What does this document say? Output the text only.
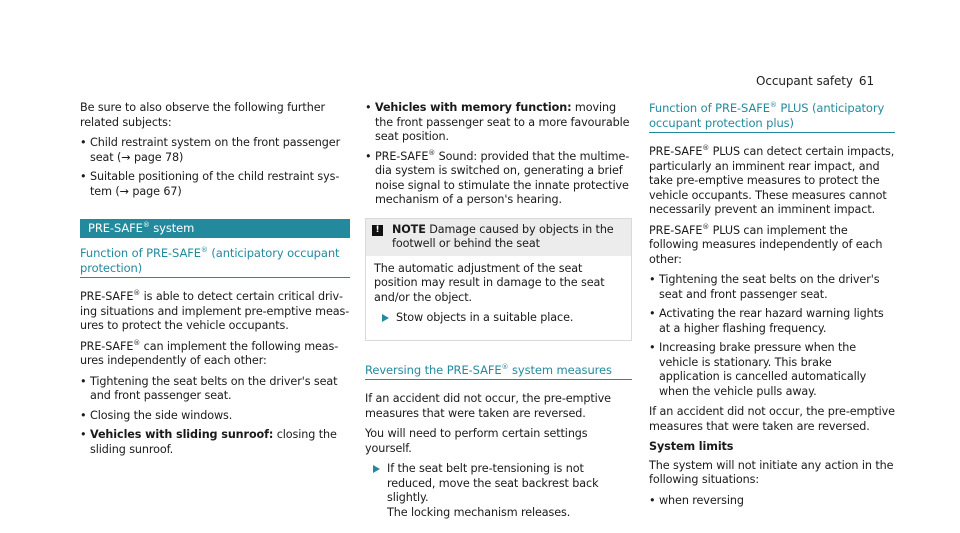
Occupant safety 61

Be sure to also observe the following further related subjects:

• Child restraint system on the front passenger seat (→ page 78)
• Suitable positioning of the child restraint system (→ page 67)
PRE-SAFE® system
Function of PRE-SAFE® (anticipatory occupant protection)

PRE-SAFE® is able to detect certain critical driving situations and implement pre-emptive measures to protect the vehicle occupants.

PRE-SAFE® can implement the following measures independently of each other:

• Tightening the seat belts on the driver's seat and front passenger seat.
• Closing the side windows.
• Vehicles with sliding sunroof: closing the sliding sunroof.
• Vehicles with memory function: moving the front passenger seat to a more favourable seat position.
• PRE-SAFE® Sound: provided that the multimedia system is switched on, generating a brief noise signal to stimulate the innate protective mechanism of a person's hearing.
!	NOTE Damage caused by objects in the footwell or behind the seat

The automatic adjustment of the seat position may result in damage to the seat and/or the object.

Stow objects in a suitable place.
Reversing the PRE-SAFE® system measures

If an accident did not occur, the pre-emptive measures that were taken are reversed.

You will need to perform certain settings yourself.

If the seat belt pre-tensioning is not reduced, move the seat backrest back slightly.
The locking mechanism releases.
Function of PRE-SAFE® PLUS (anticipatory occupant protection plus)

PRE-SAFE® PLUS can detect certain impacts, particularly an imminent rear impact, and take pre-emptive measures to protect the vehicle occupants. These measures cannot necessarily prevent an imminent impact.

PRE-SAFE® PLUS can implement the following measures independently of each other:

• Tightening the seat belts on the driver's seat and front passenger seat.
• Activating the rear hazard warning lights at a higher flashing frequency.
• Increasing brake pressure when the vehicle is stationary. This brake application is cancelled automatically when the vehicle pulls away.

If an accident did not occur, the pre-emptive measures that were taken are reversed.

System limits

The system will not initiate any action in the following situations:

• when reversing
